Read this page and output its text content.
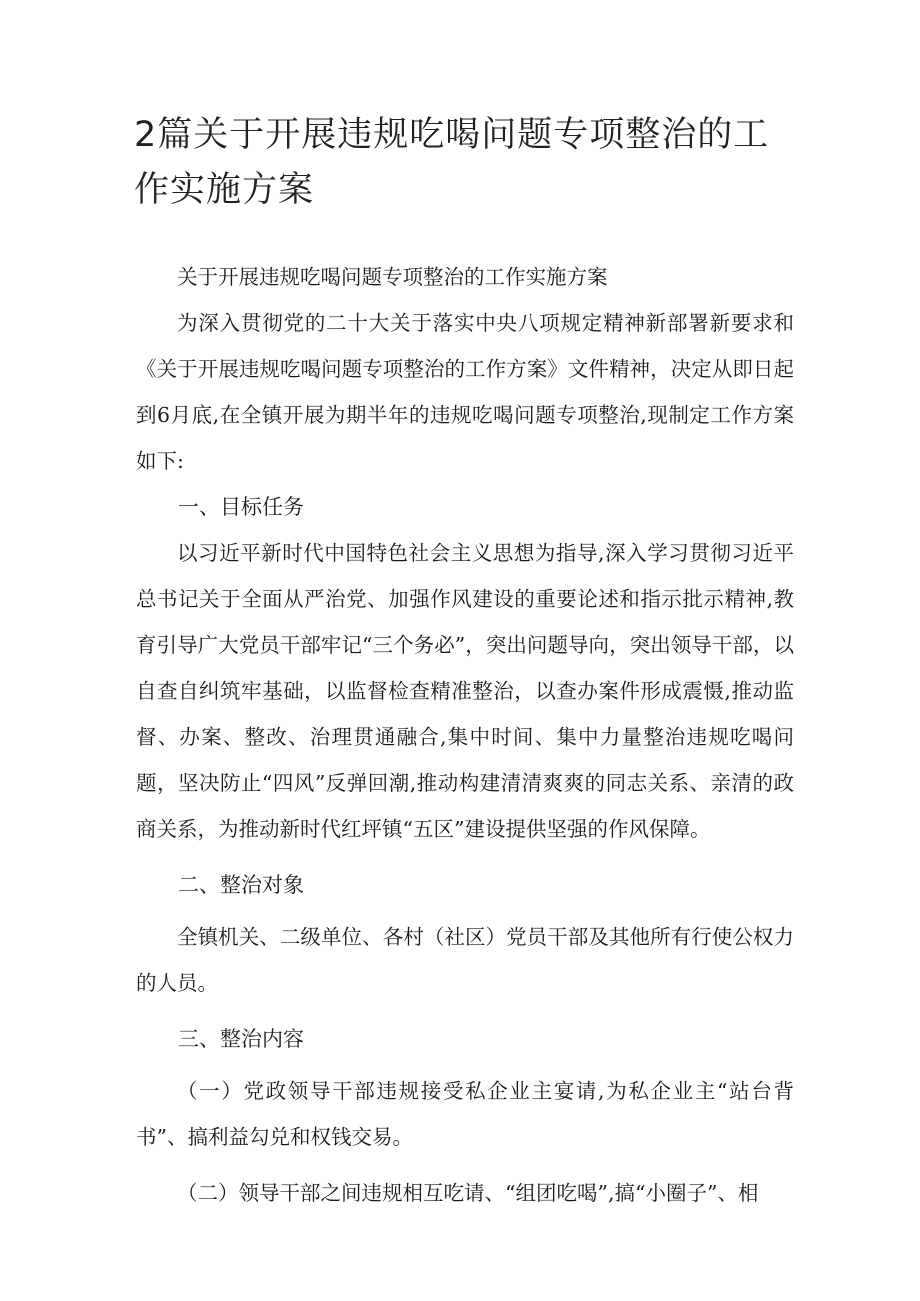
2篇关于开展违规吃喝问题专项整治的工作实施方案

关于开展违规吃喝问题专项整治的工作实施方案

为深入贯彻党的二十大关于落实中央八项规定精神新部署新要求和《关于开展违规吃喝问题专项整治的工作方案》文件精神，决定从即日起到6月底,在全镇开展为期半年的违规吃喝问题专项整治,现制定工作方案如下:

一、目标任务

以习近平新时代中国特色社会主义思想为指导,深入学习贯彻习近平总书记关于全面从严治党、加强作风建设的重要论述和指示批示精神,教育引导广大党员干部牢记“三个务必”，突出问题导向，突出领导干部，以自查自纠筑牢基础，以监督检查精准整治，以查办案件形成震慑,推动监督、办案、整改、治理贯通融合,集中时间、集中力量整治违规吃喝问题，坚决防止“四风”反弹回潮,推动构建清清爽爽的同志关系、亲清的政商关系，为推动新时代红坪镇“五区”建设提供坚强的作风保障。

二、整治对象

全镇机关、二级单位、各村（社区）党员干部及其他所有行使公权力的人员。

三、整治内容

（一）党政领导干部违规接受私企业主宴请,为私企业主“站台背书”、搞利益勾兑和权钱交易。

（二）领导干部之间违规相互吃请、“组团吃喝”,搞“小圈子”、相
